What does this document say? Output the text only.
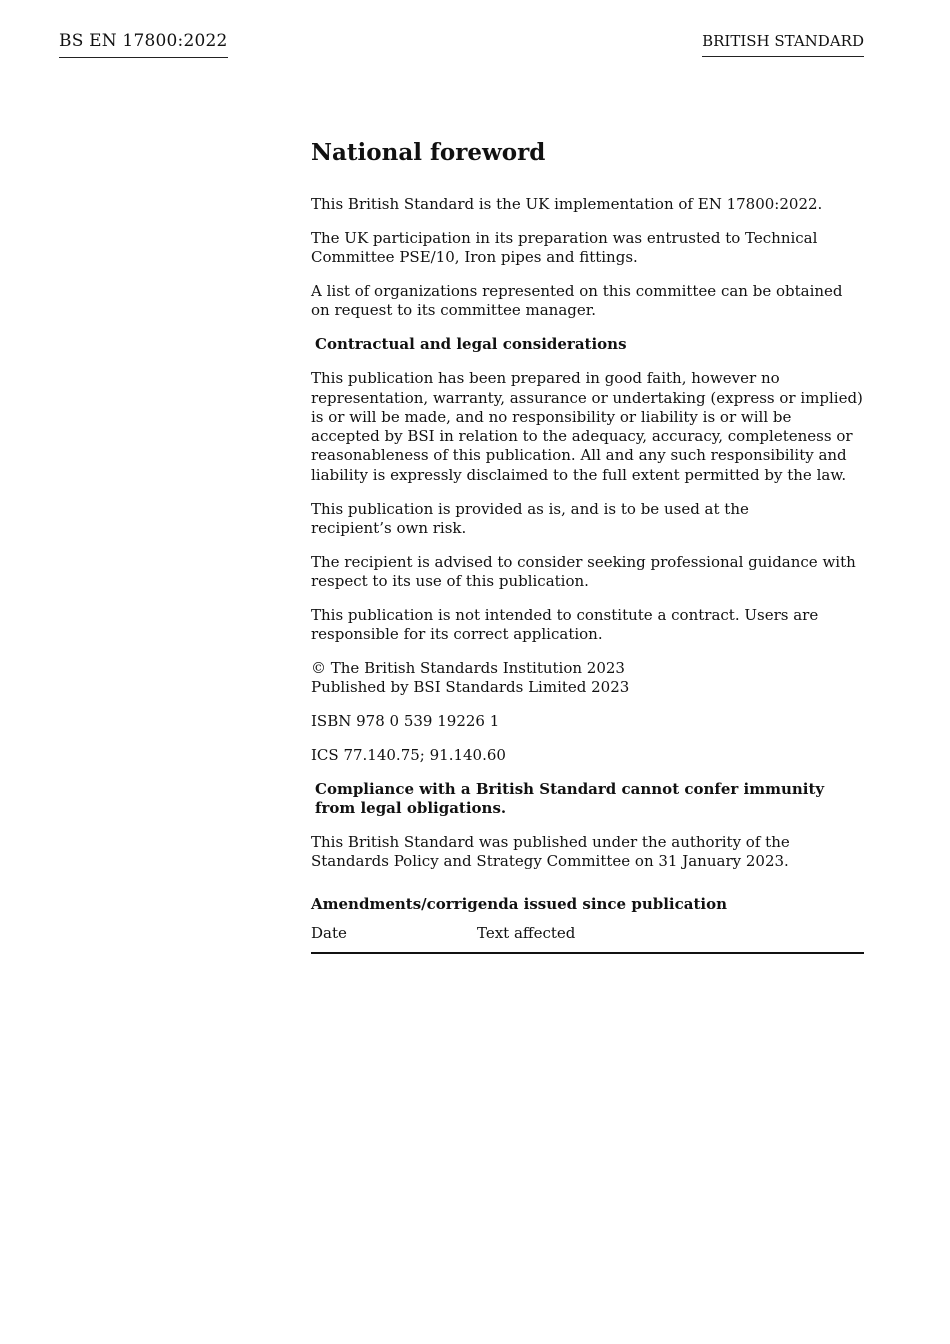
BS EN 17800:2022	BRITISH STANDARD
National foreword

This British Standard is the UK implementation of EN 17800:2022.

The UK participation in its preparation was entrusted to Technical Committee PSE/10, Iron pipes and fittings.

A list of organizations represented on this committee can be obtained on request to its committee manager.

Contractual and legal considerations

This publication has been prepared in good faith, however no representation, warranty, assurance or undertaking (express or implied) is or will be made, and no responsibility or liability is or will be accepted by BSI in relation to the adequacy, accuracy, completeness or reasonableness of this publication. All and any such responsibility and liability is expressly disclaimed to the full extent permitted by the law.

This publication is provided as is, and is to be used at the
recipient’s own risk.

The recipient is advised to consider seeking professional guidance with respect to its use of this publication.

This publication is not intended to constitute a contract. Users are responsible for its correct application.

© The British Standards Institution 2023
Published by BSI Standards Limited 2023

ISBN 978 0 539 19226 1

ICS 77.140.75; 91.140.60

Compliance with a British Standard cannot confer immunity from legal obligations.

This British Standard was published under the authority of the Standards Policy and Strategy Committee on 31 January 2023.

Amendments/corrigenda issued since publication
Date	Text affected
